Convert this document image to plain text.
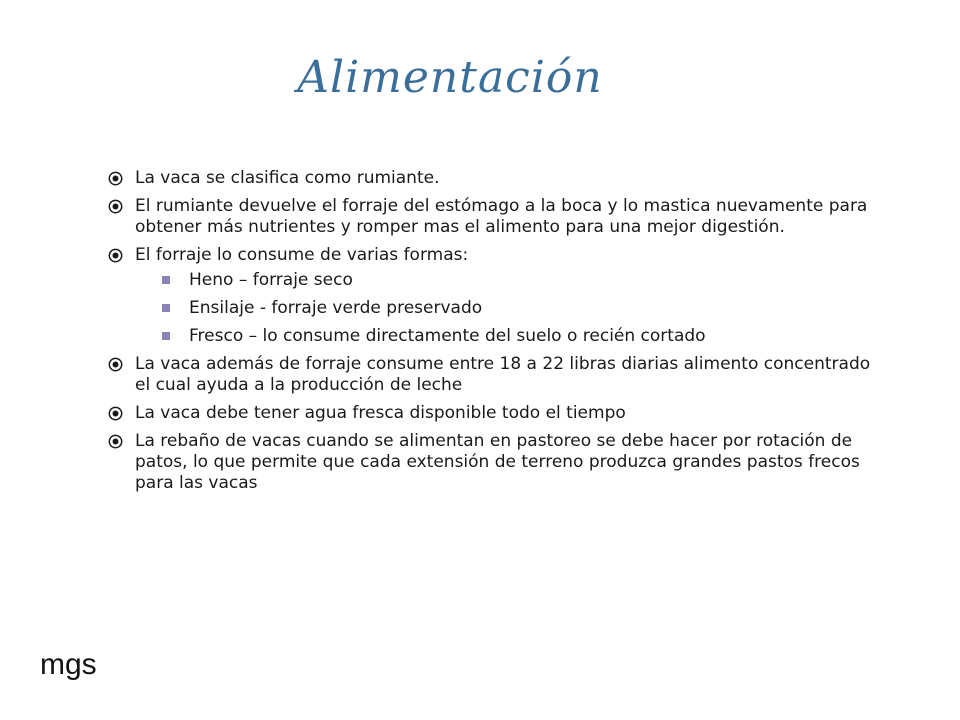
Alimentación
La vaca se clasifica como rumiante.
El rumiante devuelve el forraje del estómago a la boca y lo mastica nuevamente para obtener más nutrientes y romper mas el alimento para una mejor digestión.
El forraje lo consume de varias formas:
Heno – forraje seco
Ensilaje - forraje verde preservado
Fresco – lo consume directamente del suelo o recién cortado
La vaca además de forraje consume entre 18 a 22 libras diarias alimento concentrado el cual ayuda a la producción de leche
La vaca debe tener agua fresca disponible todo el tiempo
La rebaño de vacas cuando se alimentan en pastoreo se debe hacer por rotación de patos, lo que permite que cada extensión de terreno produzca grandes pastos frecos para las vacas
mgs
